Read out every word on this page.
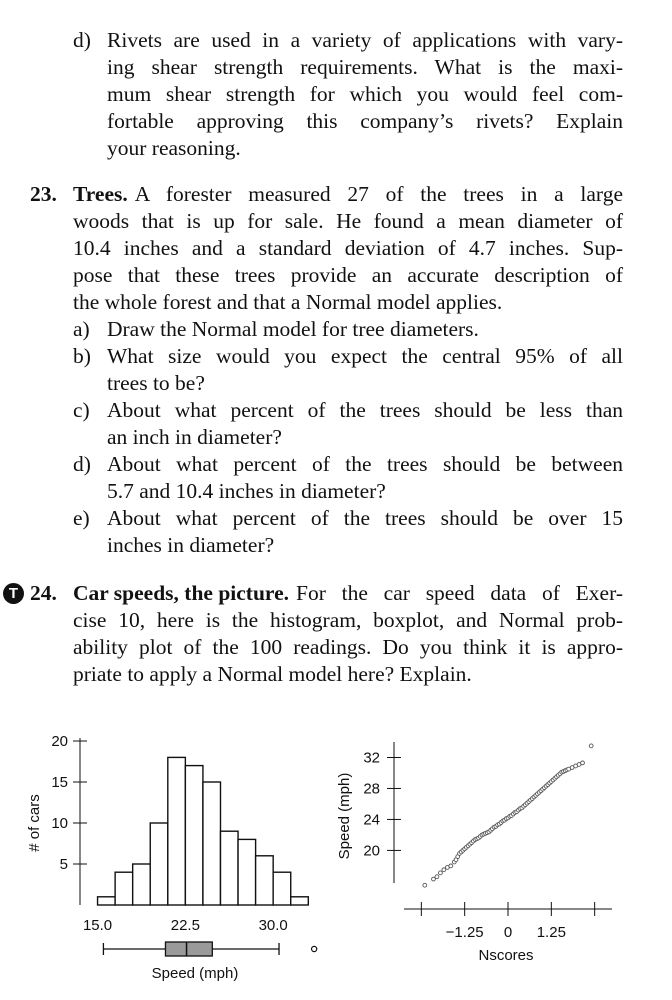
d) Rivets are used in a variety of applications with vary-
ing shear strength requirements. What is the maxi-
mum shear strength for which you would feel com-
fortable approving this company’s rivets? Explain
your reasoning.
23. Trees. A forester measured 27 of the trees in a large
woods that is up for sale. He found a mean diameter of
10.4 inches and a standard deviation of 4.7 inches. Sup-
pose that these trees provide an accurate description of
the whole forest and that a Normal model applies.
a) Draw the Normal model for tree diameters.
b) What size would you expect the central 95% of all
trees to be?
c) About what percent of the trees should be less than
an inch in diameter?
d) About what percent of the trees should be between
5.7 and 10.4 inches in diameter?
e) About what percent of the trees should be over 15
inches in diameter?
T 24. Car speeds, the picture. For the car speed data of Exer-
cise 10, here is the histogram, boxplot, and Normal prob-
ability plot of the 100 readings. Do you think it is appro-
priate to apply a Normal model here? Explain.
5
10
15
20
15.0	22.5	30.0
# of cars
Speed (mph)
20
24
28
32
−1.25 0 1.25
Speed (mph)
Nscores
